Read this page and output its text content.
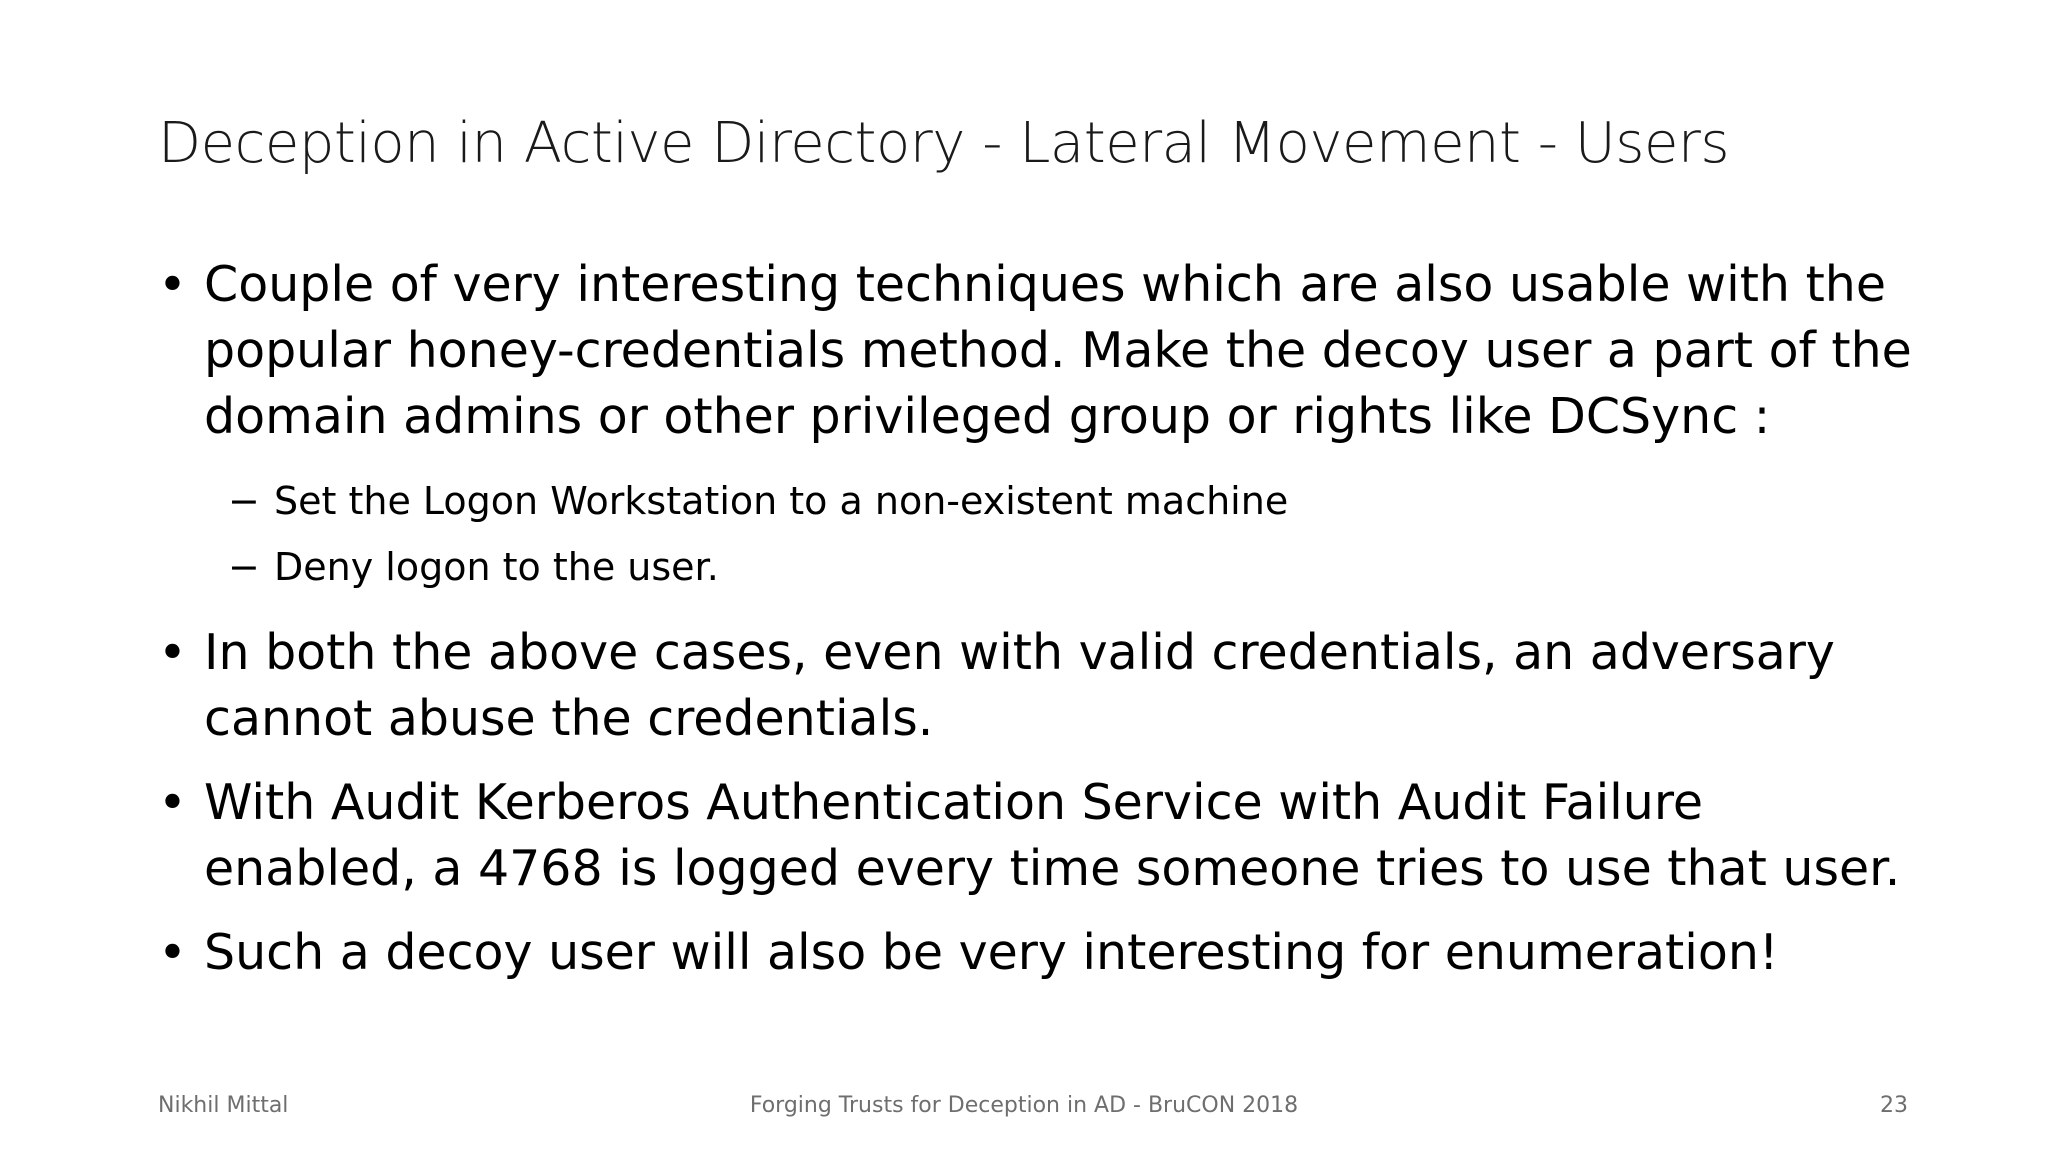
Deception in Active Directory - Lateral Movement - Users
• Couple of very interesting techniques which are also usable with the popular honey-credentials method. Make the decoy user a part of the domain admins or other privileged group or rights like DCSync :
− Set the Logon Workstation to a non-existent machine
− Deny logon to the user.
• In both the above cases, even with valid credentials, an adversary cannot abuse the credentials.
• With Audit Kerberos Authentication Service with Audit Failure enabled, a 4768 is logged every time someone tries to use that user.
• Such a decoy user will also be very interesting for enumeration!
Nikhil Mittal	Forging Trusts for Deception in AD - BruCON 2018	23
